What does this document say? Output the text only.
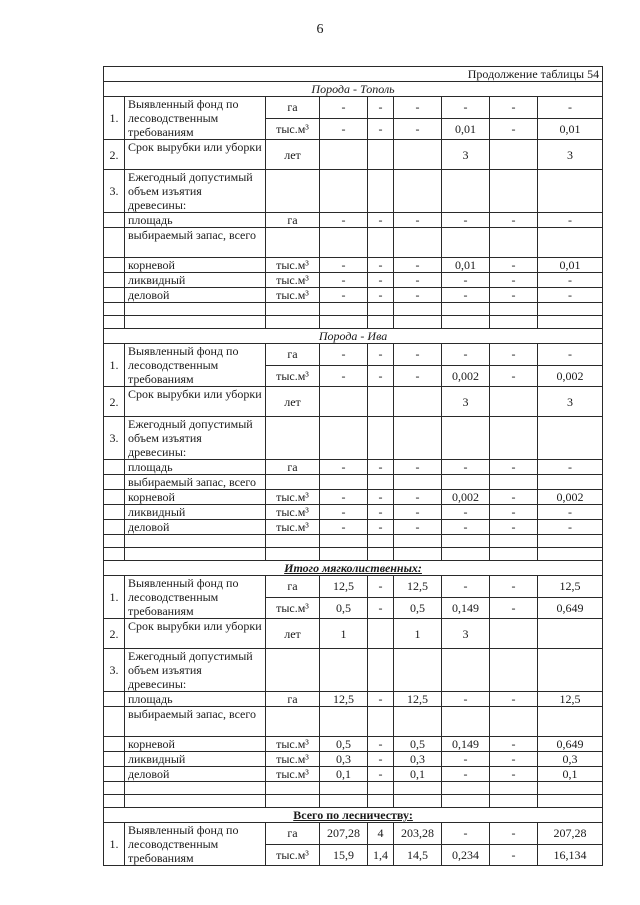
6
Продолжение таблицы 54								
Порода - Тополь								
1.	Выявленный фонд по лесоводственным требованиям	га	-	-	-	-	-	-
		тыс.м³	-	-	-	0,01	-	0,01
2.	Срок вырубки или уборки	лет				3		3
3.	Ежегодный допустимый объем изъятия древесины:							
	площадь	га	-	-	-	-	-	-
	выбираемый запас, всего							
	корневой	тыс.м³	-	-	-	0,01	-	0,01
	ликвидный	тыс.м³	-	-	-	-	-	-
	деловой	тыс.м³	-	-	-	-	-	-

Порода - Ива								
1.	Выявленный фонд по лесоводственным требованиям	га	-	-	-	-	-	-
		тыс.м³	-	-	-	0,002	-	0,002
2.	Срок вырубки или уборки	лет				3		3
3.	Ежегодный допустимый объем изъятия древесины:							
	площадь	га	-	-	-	-	-	-
	выбираемый запас, всего							
	корневой	тыс.м³	-	-	-	0,002	-	0,002
	ликвидный	тыс.м³	-	-	-	-	-	-
	деловой	тыс.м³	-	-	-	-	-	-

Итого мягколиственных:								
1.	Выявленный фонд по лесоводственным требованиям	га	12,5	-	12,5	-	-	12,5
		тыс.м³	0,5	-	0,5	0,149	-	0,649
2.	Срок вырубки или уборки	лет	1		1	3		
3.	Ежегодный допустимый объем изъятия древесины:							
	площадь	га	12,5	-	12,5	-	-	12,5
	выбираемый запас, всего							
	корневой	тыс.м³	0,5	-	0,5	0,149	-	0,649
	ликвидный	тыс.м³	0,3	-	0,3	-	-	0,3
	деловой	тыс.м³	0,1	-	0,1	-	-	0,1

Всего по лесничеству:								
1.	Выявленный фонд по лесоводственным требованиям	га	207,28	4	203,28	-	-	207,28
		тыс.м³	15,9	1,4	14,5	0,234	-	16,134
